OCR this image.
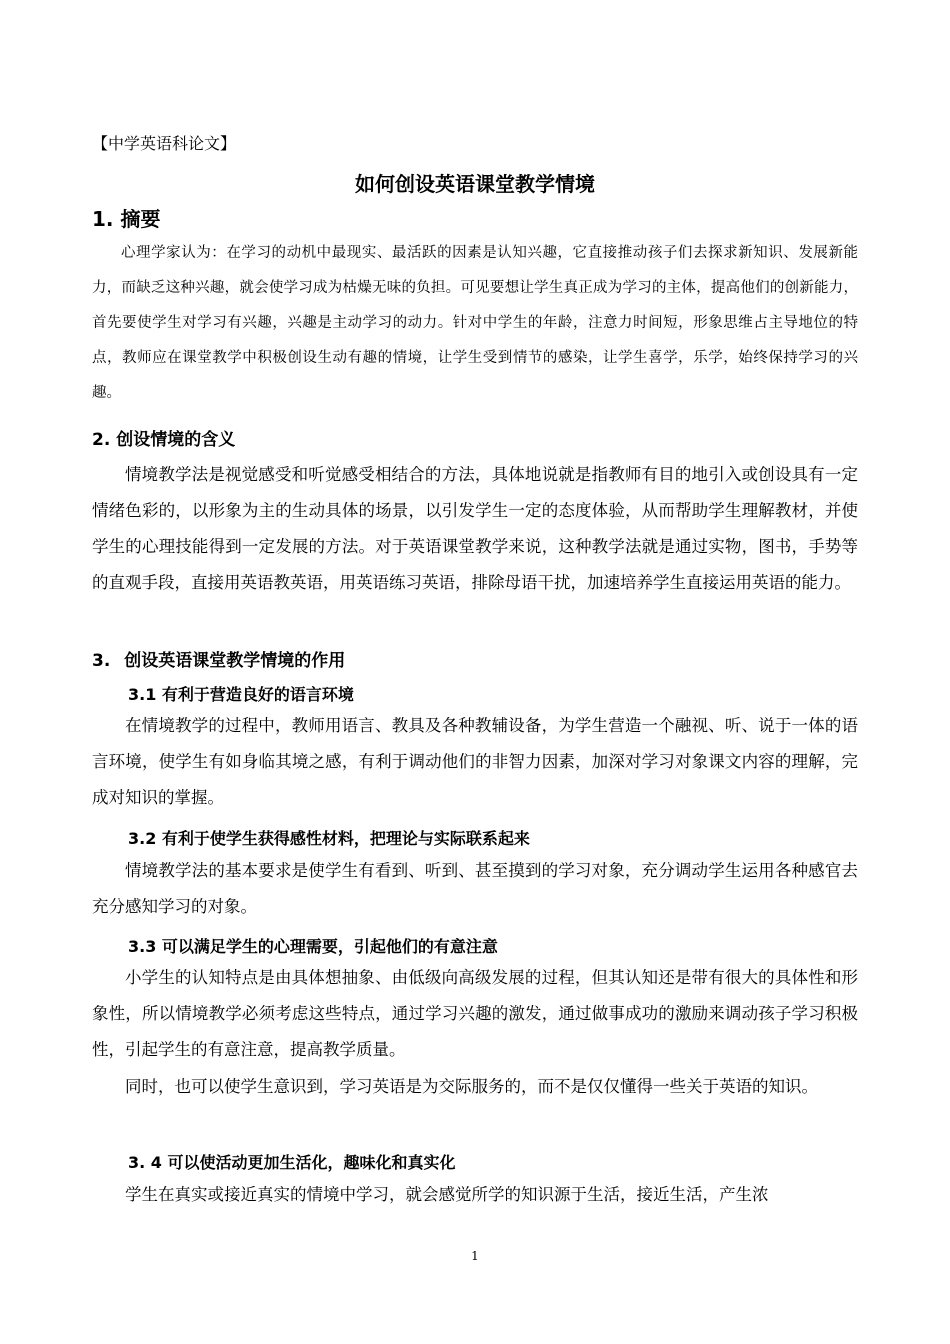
【中学英语科论文】
如何创设英语课堂教学情境
1. 摘要
心理学家认为：在学习的动机中最现实、最活跃的因素是认知兴趣，它直接推动孩子们去探求新知识、发展新能力，而缺乏这种兴趣，就会使学习成为枯燥无味的负担。可见要想让学生真正成为学习的主体，提高他们的创新能力，首先要使学生对学习有兴趣，兴趣是主动学习的动力。针对中学生的年龄，注意力时间短，形象思维占主导地位的特点，教师应在课堂教学中积极创设生动有趣的情境，让学生受到情节的感染，让学生喜学，乐学，始终保持学习的兴趣。
2. 创设情境的含义
情境教学法是视觉感受和听觉感受相结合的方法，具体地说就是指教师有目的地引入或创设具有一定情绪色彩的，以形象为主的生动具体的场景，以引发学生一定的态度体验，从而帮助学生理解教材，并使学生的心理技能得到一定发展的方法。对于英语课堂教学来说，这种教学法就是通过实物，图书，手势等的直观手段，直接用英语教英语，用英语练习英语，排除母语干扰，加速培养学生直接运用英语的能力。
3. 创设英语课堂教学情境的作用
3.1 有利于营造良好的语言环境
在情境教学的过程中，教师用语言、教具及各种教辅设备，为学生营造一个融视、听、说于一体的语言环境，使学生有如身临其境之感，有利于调动他们的非智力因素，加深对学习对象课文内容的理解，完成对知识的掌握。
3.2 有利于使学生获得感性材料，把理论与实际联系起来
情境教学法的基本要求是使学生有看到、听到、甚至摸到的学习对象，充分调动学生运用各种感官去充分感知学习的对象。
3.3 可以满足学生的心理需要，引起他们的有意注意
小学生的认知特点是由具体想抽象、由低级向高级发展的过程，但其认知还是带有很大的具体性和形象性，所以情境教学必须考虑这些特点，通过学习兴趣的激发，通过做事成功的激励来调动孩子学习积极性，引起学生的有意注意，提高教学质量。
同时，也可以使学生意识到，学习英语是为交际服务的，而不是仅仅懂得一些关于英语的知识。
3. 4 可以使活动更加生活化，趣味化和真实化
学生在真实或接近真实的情境中学习，就会感觉所学的知识源于生活，接近生活，产生浓
1
